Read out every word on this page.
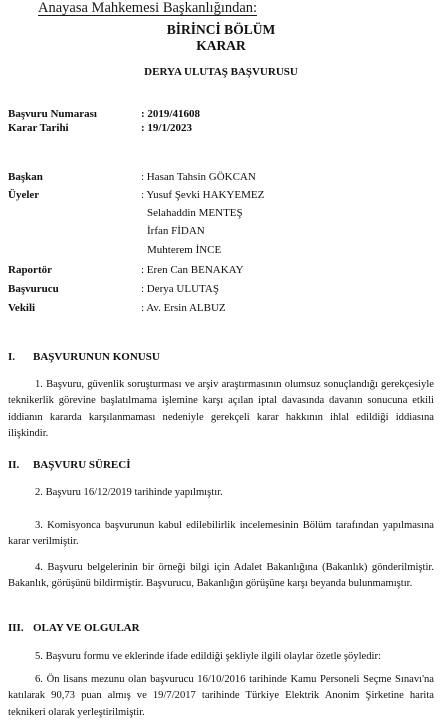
Anayasa Mahkemesi Başkanlığından:
BİRİNCİ BÖLÜM
KARAR
DERYA ULUTAŞ BAŞVURUSU
Başvuru Numarası	: 2019/41608
Karar Tarihi	: 19/1/2023
Başkan	: Hasan Tahsin GÖKCAN
Üyeler	: Yusuf Şevki HAKYEMEZ
Selahaddin MENTEŞ
İrfan FİDAN
Muhterem İNCE
Raportör	: Eren Can BENAKAY
Başvurucu	: Derya ULUTAŞ
Vekili	: Av. Ersin ALBUZ
I. BAŞVURUNUN KONUSU
1. Başvuru, güvenlik soruşturması ve arşiv araştırmasının olumsuz sonuçlandığı gerekçesiyle teknikerlik görevine başlatılmama işlemine karşı açılan iptal davasında davanın sonucuna etkili iddianın kararda karşılanmaması nedeniyle gerekçeli karar hakkının ihlal edildiği iddiasına ilişkindir.
II. BAŞVURU SÜRECİ
2. Başvuru 16/12/2019 tarihinde yapılmıştır.
3. Komisyonca başvurunun kabul edilebilirlik incelemesinin Bölüm tarafından yapılmasına karar verilmiştir.
4. Başvuru belgelerinin bir örneği bilgi için Adalet Bakanlığına (Bakanlık) gönderilmiştir. Bakanlık, görüşünü bildirmiştir. Başvurucu, Bakanlığın görüşüne karşı beyanda bulunmamıştır.
III. OLAY VE OLGULAR
5. Başvuru formu ve eklerinde ifade edildiği şekliyle ilgili olaylar özetle şöyledir:
6. Ön lisans mezunu olan başvurucu 16/10/2016 tarihinde Kamu Personeli Seçme Sınavı'na katılarak 90,73 puan almış ve 19/7/2017 tarihinde Türkiye Elektrik Anonim Şirketine harita teknikeri olarak yerleştirilmiştir.
